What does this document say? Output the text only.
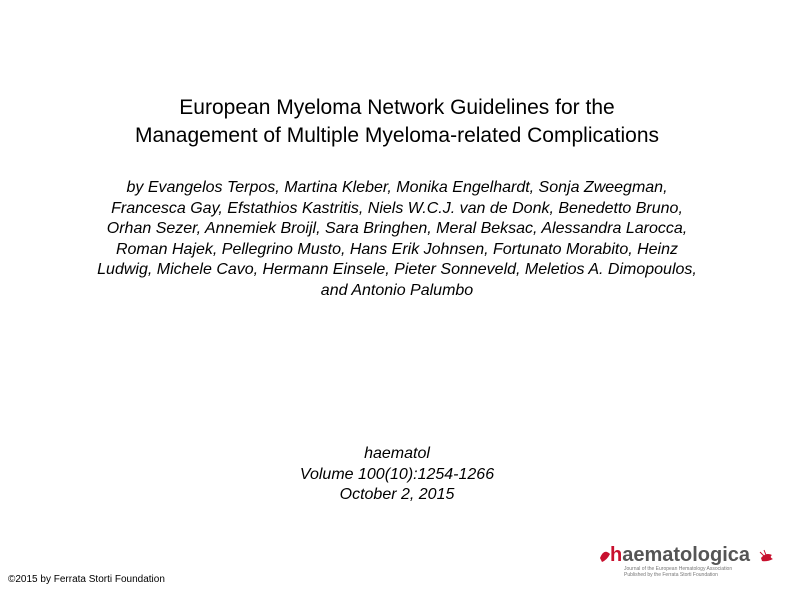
European Myeloma Network Guidelines for the
Management of Multiple Myeloma-related Complications
by Evangelos Terpos, Martina Kleber, Monika Engelhardt, Sonja Zweegman,
Francesca Gay, Efstathios Kastritis, Niels W.C.J. van de Donk, Benedetto Bruno,
Orhan Sezer, Annemiek Broijl, Sara Bringhen, Meral Beksac, Alessandra Larocca,
Roman Hajek, Pellegrino Musto, Hans Erik Johnsen, Fortunato Morabito, Heinz
Ludwig, Michele Cavo, Hermann Einsele, Pieter Sonneveld, Meletios A. Dimopoulos,
and Antonio Palumbo
haematol
Volume 100(10):1254-1266
October 2, 2015
©2015 by Ferrata Storti Foundation
haematologica
Journal of the European Hematology Association
Published by the Ferrata Storti Foundation
